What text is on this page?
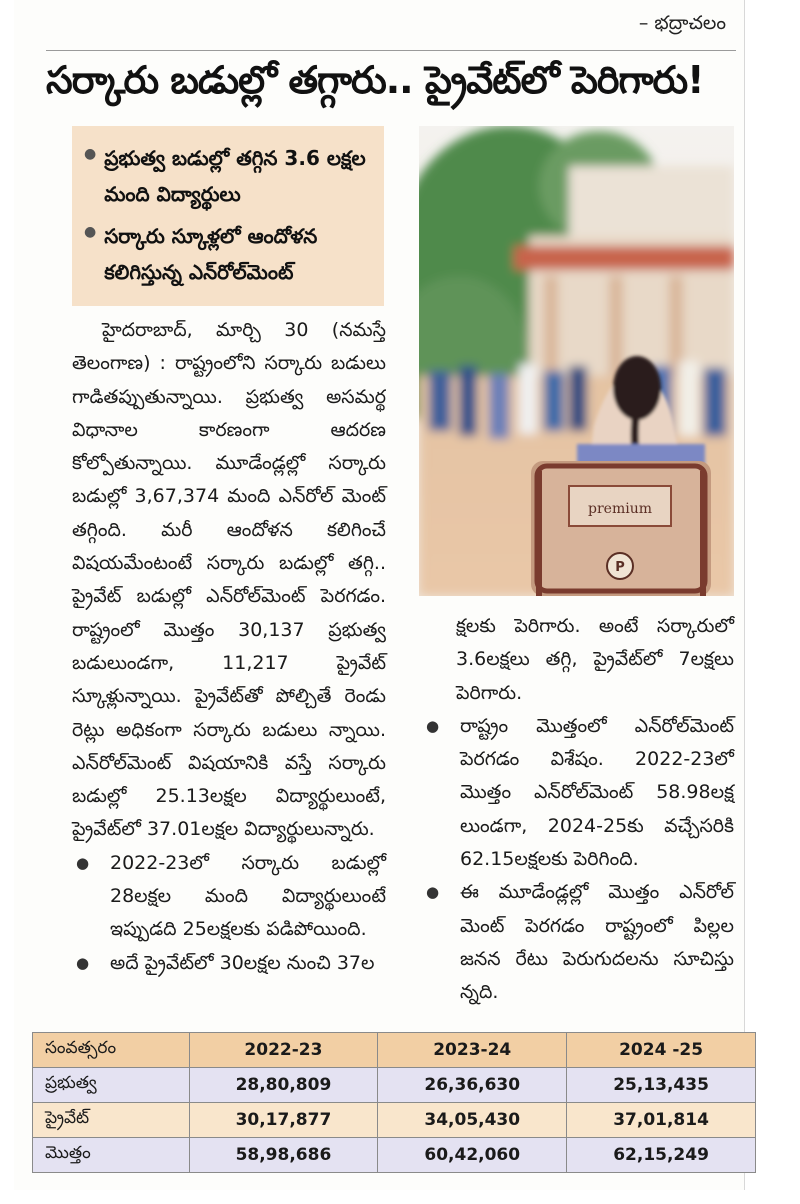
– భద్రాచలం
సర్కారు బడుల్లో తగ్గారు.. ప్రైవేట్‌లో పెరిగారు!
● ప్రభుత్వ బడుల్లో తగ్గిన 3.6 లక్షల మంది విద్యార్థులు
● సర్కారు స్కూళ్లలో ఆందోళన కలిగిస్తున్న ఎన్‌రోల్‌మెంట్

హైదరాబాద్‌, మార్చి 30 (నమస్తే తెలంగాణ) : రాష్ట్రంలోని సర్కారు బడులు గాడితప్పుతున్నాయి. ప్రభుత్వ అసమర్థ విధానాల కారణంగా ఆదరణ కోల్పోతున్నాయి. మూడేండ్లల్లో సర్కారు బడుల్లో 3,67,374 మంది ఎన్‌రోల్‌ మెంట్‌ తగ్గింది. మరీ ఆందోళన కలిగించే విషయమేంటంటే సర్కారు బడుల్లో తగ్గి.. ప్రైవేట్‌ బడుల్లో ఎన్‌రోల్‌మెంట్‌ పెరగడం. రాష్ట్రంలో మొత్తం 30,137 ప్రభుత్వ బడులుండగా, 11,217 ప్రైవేట్‌ స్కూళ్లున్నాయి. ప్రైవేట్‌తో పోల్చితే రెండు రెట్లు అధికంగా సర్కారు బడులు న్నాయి. ఎన్‌రోల్‌మెంట్‌ విషయానికి వస్తే సర్కారు బడుల్లో 25.13లక్షల విద్యార్థులుంటే, ప్రైవేట్‌లో 37.01లక్షల విద్యార్థులున్నారు.

●	2022-23లో సర్కారు బడుల్లో 28లక్షల మంది విద్యార్థులుంటే ఇప్పుడది 25లక్షలకు పడిపోయింది.
●	అదే ప్రైవేట్‌లో 30లక్షల నుంచి 37ల
premium
P
క్షలకు పెరిగారు. అంటే సర్కారులో 3.6లక్షలు తగ్గి, ప్రైవేట్‌లో 7లక్షలు పెరిగారు.
●	రాష్ట్రం మొత్తంలో ఎన్‌రోల్‌మెంట్‌ పెరగడం విశేషం. 2022-23లో మొత్తం ఎన్‌రోల్‌మెంట్‌ 58.98లక్ష లుండగా, 2024-25కు వచ్చేసరికి 62.15లక్షలకు పెరిగింది.
●	ఈ మూడేండ్లల్లో మొత్తం ఎన్‌రోల్‌ మెంట్‌ పెరగడం రాష్ట్రంలో పిల్లల జనన రేటు పెరుగుదలను సూచిస్తు న్నది.
సంవత్సరం	2022-23	2023-24	2024 -25
ప్రభుత్వ	28,80,809	26,36,630	25,13,435
ప్రైవేట్‌	30,17,877	34,05,430	37,01,814
మొత్తం	58,98,686	60,42,060	62,15,249
